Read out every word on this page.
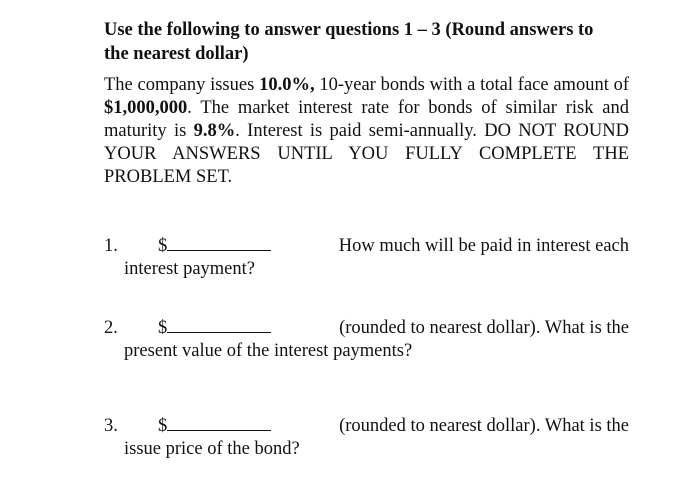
Use the following to answer questions 1 – 3 (Round answers to
the nearest dollar)

The company issues 10.0%, 10-year bonds with a total face amount of $1,000,000. The market interest rate for bonds of similar risk and maturity is 9.8%. Interest is paid semi-annually. DO NOT ROUND YOUR ANSWERS UNTIL YOU FULLY COMPLETE THE PROBLEM SET.

1.	$	How much will be paid in interest each
interest payment?
2.	$	(rounded to nearest dollar). What is the
present value of the interest payments?
3.	$	(rounded to nearest dollar). What is the
issue price of the bond?
